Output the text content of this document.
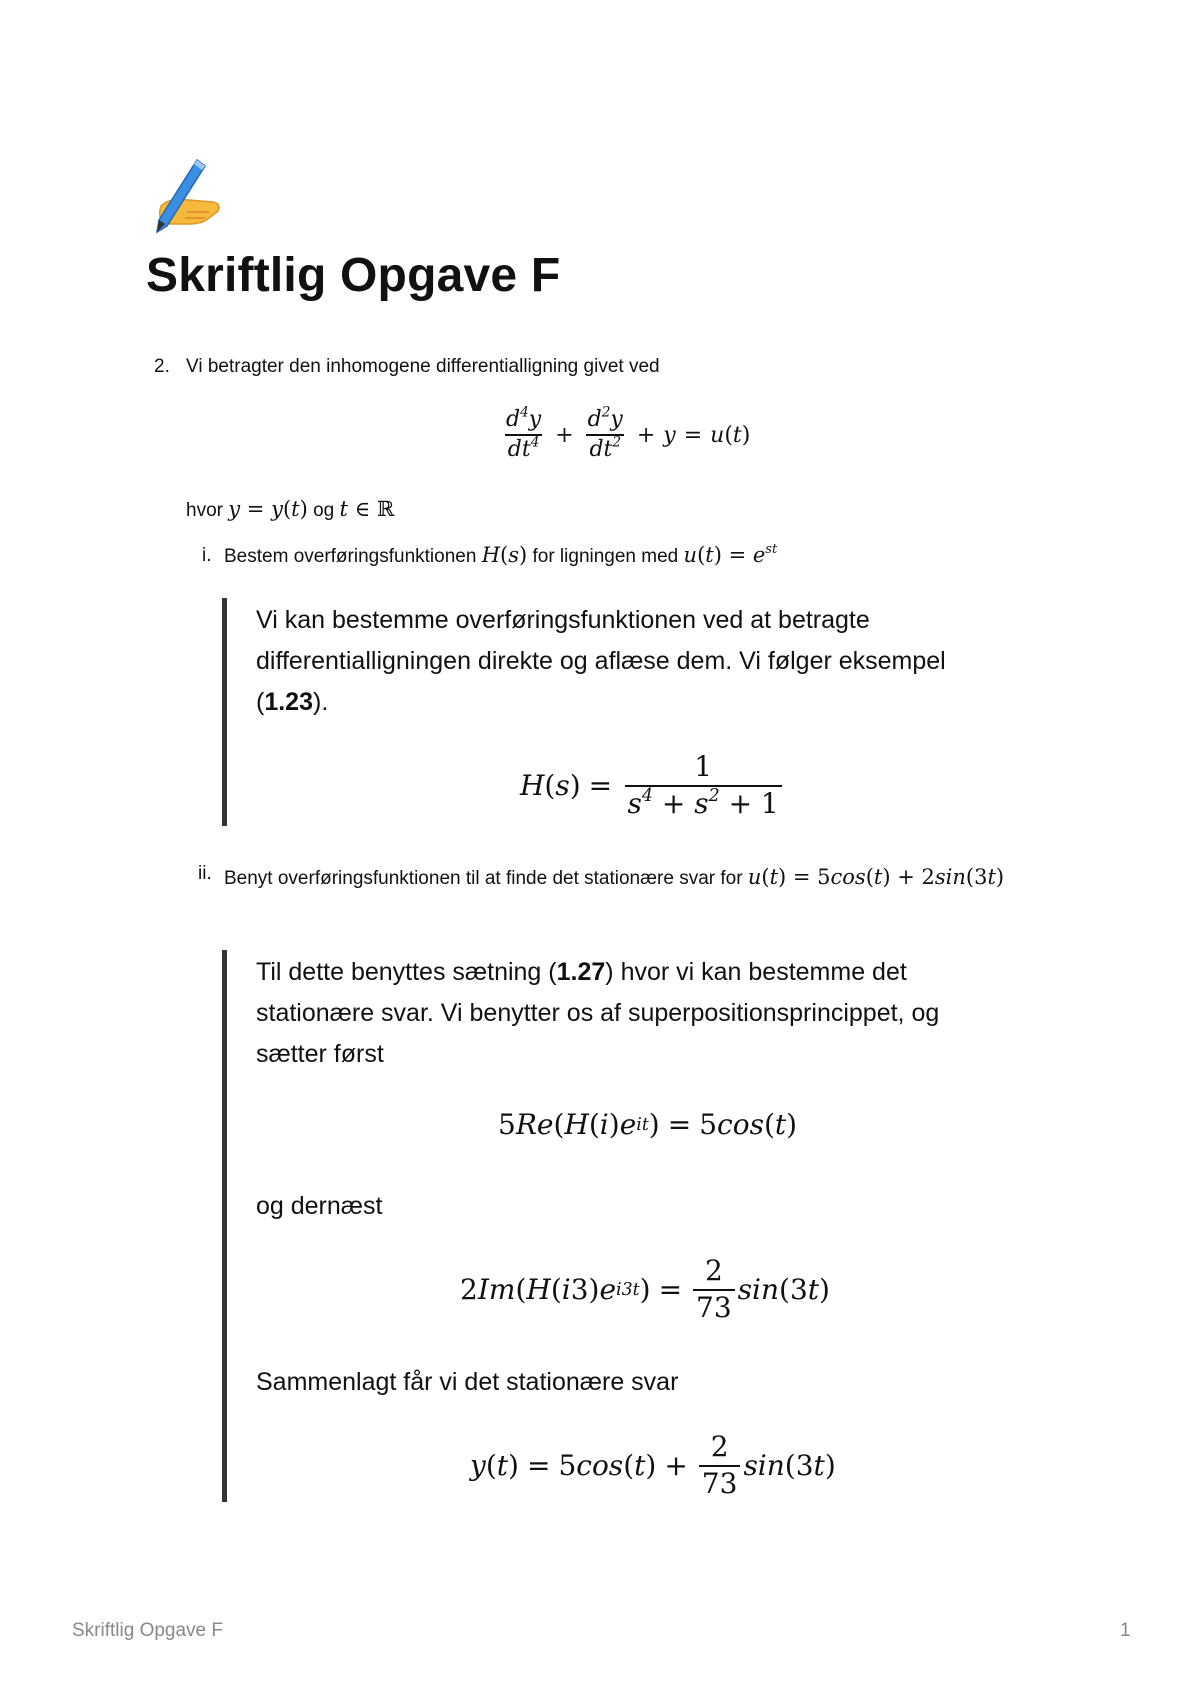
Skriftlig Opgave F
2. Vi betragter den inhomogene differentialligning givet ved
$\frac{d^4y}{dt^4} + \frac{d^2y}{dt^2} + y = u$ ( t )
hvor y = y(t) og t ∈ ℝ
i. Bestem overføringsfunktionen H(s) for ligningen med $u(t) = e^{st}$
Vi kan bestemme overføringsfunktionen ved at betragte
differentialligningen direkte og aflæse dem. Vi følger eksempel
(1.23).
H ( s ) = $\frac{1}{s^4 + s^2 + 1}$
ii. Benyt overføringsfunktionen til at finde det stationære svar for u(t) = 5cos(t) + 2sin(3t)
Til dette benyttes sætning (1.27) hvor vi kan bestemme det
stationære svar. Vi benytter os af superpositionsprincippet, og
sætter først
5 Re ( H ( i ) e it ) = 5 cos ( t )
og dernæst
2 Im ( H ( i 3) e i3t ) = $\frac{2}{73}$ sin (3 t )
Sammenlagt får vi det stationære svar
y ( t ) = 5 cos ( t ) + $\frac{2}{73}$ sin (3 t )
Skriftlig Opgave F	1
